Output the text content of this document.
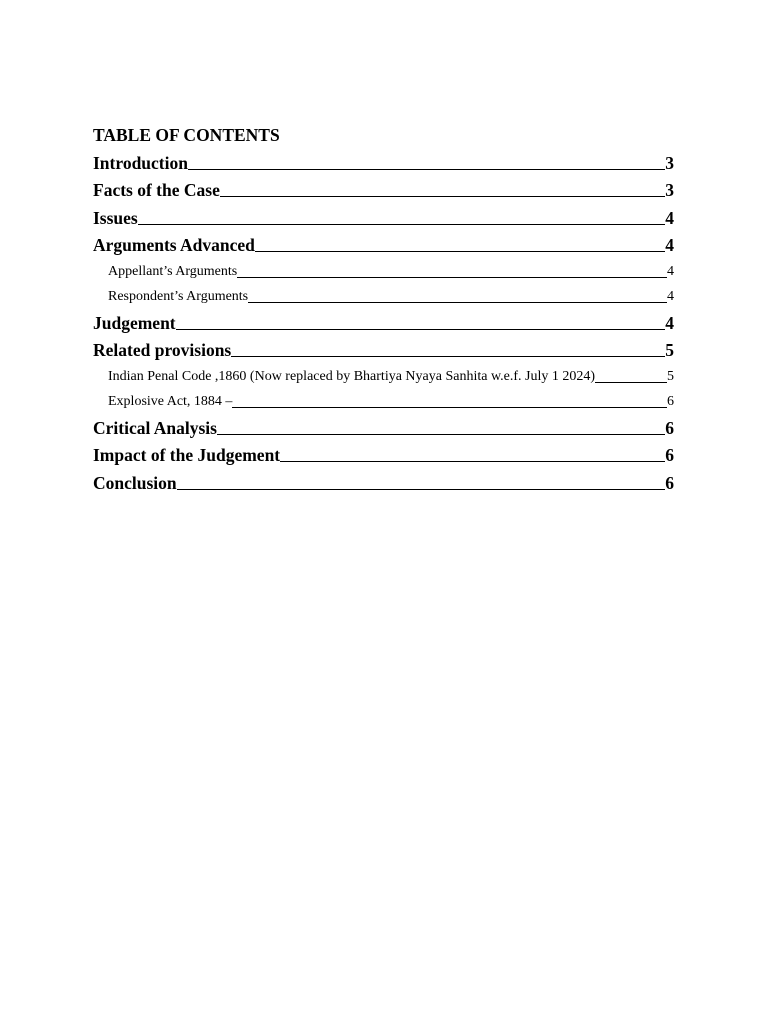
TABLE OF CONTENTS
Introduction	3
Facts of the Case	3
Issues	4
Arguments Advanced	4
Appellant’s Arguments	4
Respondent’s Arguments	4
Judgement	4
Related provisions	5
Indian Penal Code ,1860 (Now replaced by Bhartiya Nyaya Sanhita w.e.f. July 1 2024)	5
Explosive Act, 1884 –	6
Critical Analysis	6
Impact of the Judgement	6
Conclusion	6
